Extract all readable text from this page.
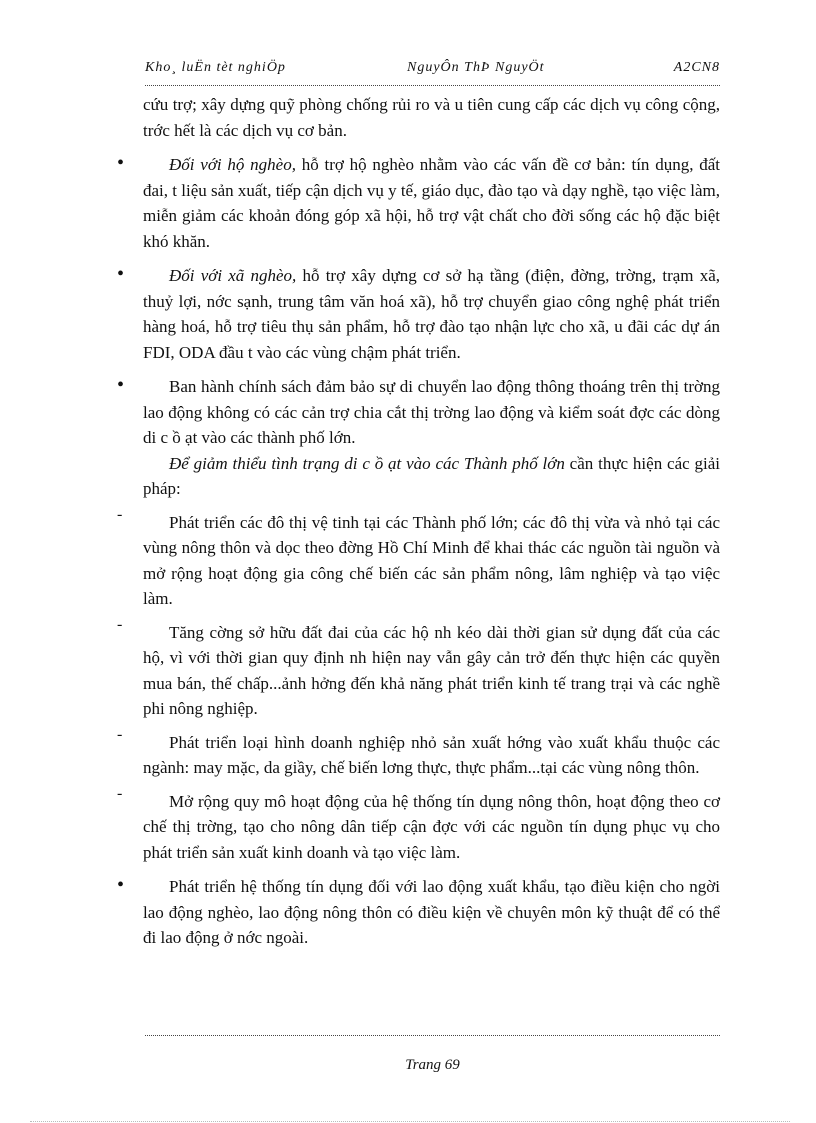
Kho¸ luËn tèt nghiÖp	NguyÔn ThÞ NguyÖt	A2CN8

cứu trợ; xây dựng quỹ phòng chống rủi ro và u tiên cung cấp các dịch vụ công cộng, trớc hết là các dịch vụ cơ bản.

•	Đối với hộ nghèo, hỗ trợ hộ nghèo nhằm vào các vấn đề cơ bản: tín dụng, đất đai, t liệu sản xuất, tiếp cận dịch vụ y tế, giáo dục, đào tạo và dạy nghề, tạo việc làm, miễn giảm các khoản đóng góp xã hội, hỗ trợ vật chất cho đời sống các hộ đặc biệt khó khăn.

•	Đối với xã nghèo, hỗ trợ xây dựng cơ sở hạ tầng (điện, đờng, trờng, trạm xã, thuỷ lợi, nớc sạnh, trung tâm văn hoá xã), hỗ trợ chuyển giao công nghệ phát triển hàng hoá, hỗ trợ tiêu thụ sản phẩm, hỗ trợ đào tạo nhận lực cho xã, u đãi các dự án FDI, ODA đầu t vào các vùng chậm phát triển.

•	Ban hành chính sách đảm bảo sự di chuyển lao động thông thoáng trên thị trờng lao động không có các cản trợ chia cắt thị trờng lao động và kiểm soát đợc các dòng di c ồ ạt vào các thành phố lớn.

Để giảm thiểu tình trạng di c ồ ạt vào các Thành phố lớn cần thực hiện các giải pháp:

-	Phát triển các đô thị vệ tinh tại các Thành phố lớn; các đô thị vừa và nhỏ tại các vùng nông thôn và dọc theo đờng Hồ Chí Minh để khai thác các nguồn tài nguồn và mở rộng hoạt động gia công chế biến các sản phẩm nông, lâm nghiệp và tạo việc làm.

-	Tăng cờng sở hữu đất đai của các hộ nh kéo dài thời gian sử dụng đất của các hộ, vì với thời gian quy định nh hiện nay vẫn gây cản trở đến thực hiện các quyền mua bán, thế chấp...ảnh hởng đến khả năng phát triển kinh tế trang trại và các nghề phi nông nghiệp.

-	Phát triển loại hình doanh nghiệp nhỏ sản xuất hớng vào xuất khẩu thuộc các ngành: may mặc, da giầy, chế biến lơng thực, thực phẩm...tại các vùng nông thôn.

-	Mở rộng quy mô hoạt động của hệ thống tín dụng nông thôn, hoạt động theo cơ chế thị trờng, tạo cho nông dân tiếp cận đợc với các nguồn tín dụng phục vụ cho phát triển sản xuất kinh doanh và tạo việc làm.

•	Phát triển hệ thống tín dụng đối với lao động xuất khẩu, tạo điều kiện cho ngời lao động nghèo, lao động nông thôn có điều kiện về chuyên môn kỹ thuật để có thể đi lao động ở nớc ngoài.

Trang 69
